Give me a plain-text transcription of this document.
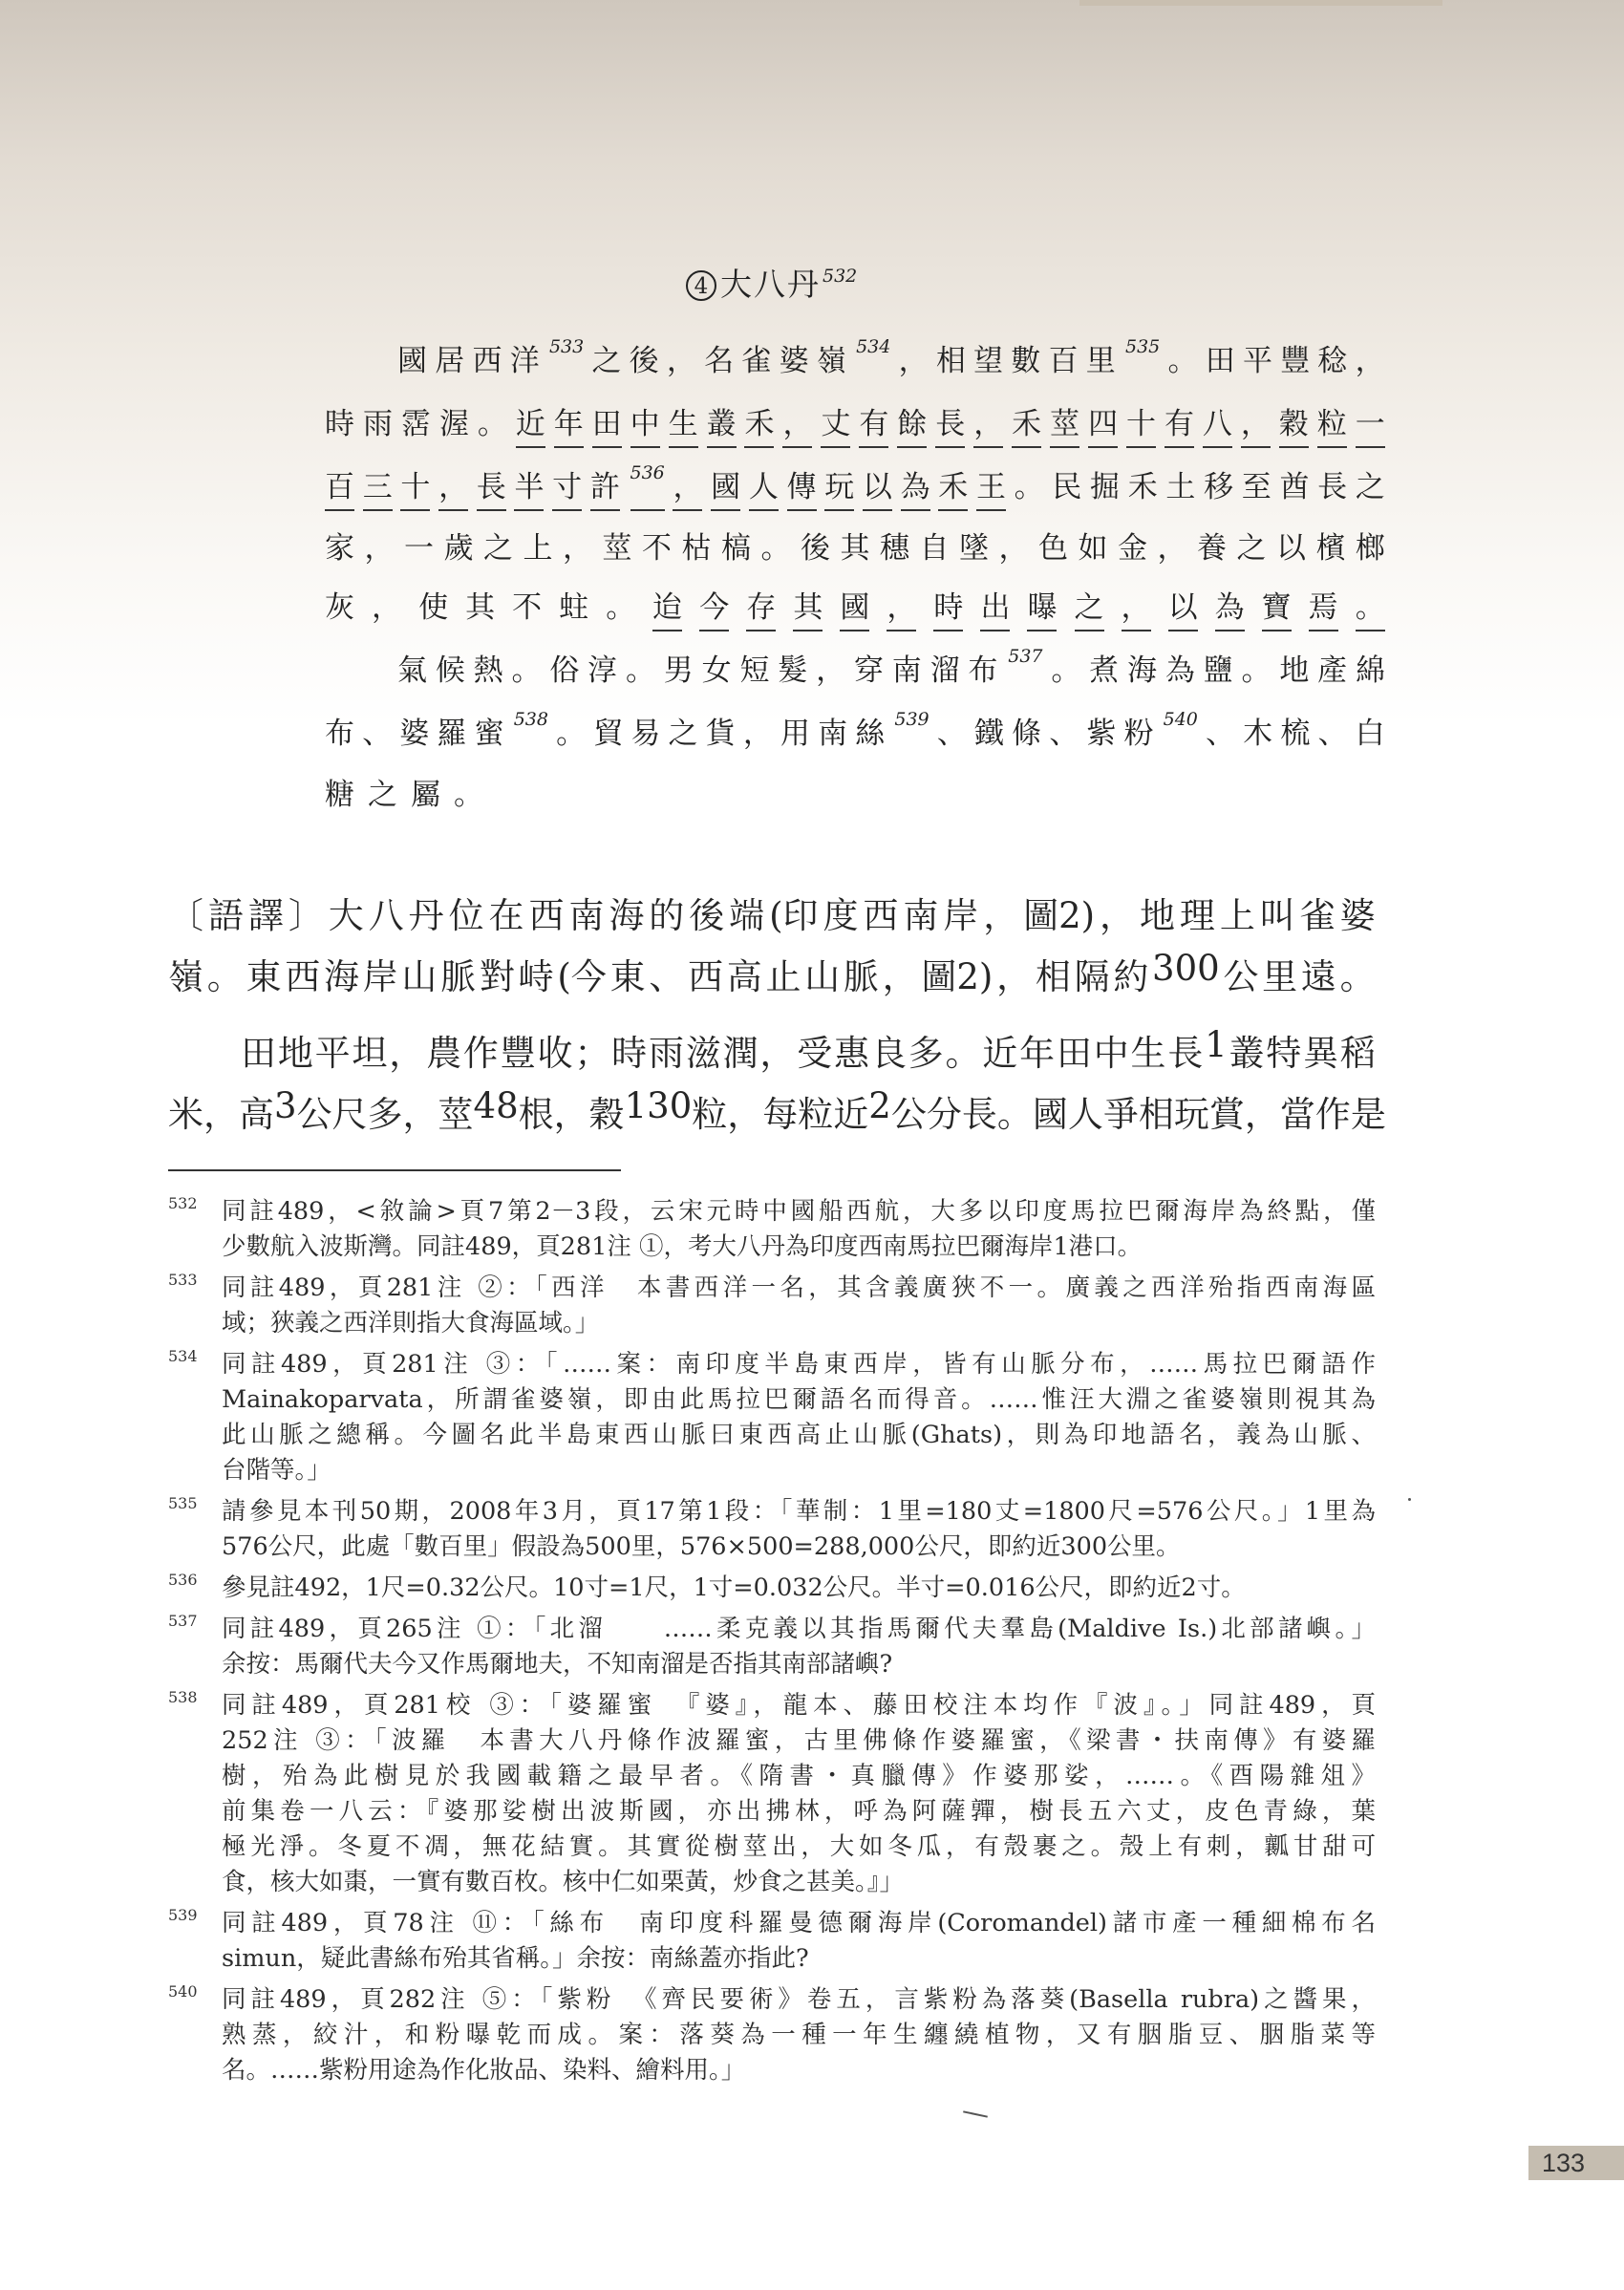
4 大八丹 $^{532}$
國 居 西 洋 533 之 後 ， 名 雀 婆 嶺 534 ， 相 望 數 百 里 535 。 田 平 豐 稔 ，
時 雨 霑 渥 。 近 年 田 中 生 叢 禾 ， 丈 有 餘 長 ， 禾 莖 四 十 有 八 ， 穀 粒 一
百 三 十 ， 長 半 寸 許 536 ， 國 人 傳 玩 以 為 禾 王 。 民 掘 禾 土 移 至 酋 長 之
家 ， 一 歲 之 上 ， 莖 不 枯 槁 。 後 其 穗 自 墜 ， 色 如 金 ， 養 之 以 檳 榔
灰 ， 使 其 不 蛀 。 迨 今 存 其 國 ， 時 出 曝 之 ， 以 為 寶 焉 。
氣 候 熱 。 俗 淳 。 男 女 短 髮 ， 穿 南 溜 布 537 。 煮 海 為 鹽 。 地 產 綿
布 、 婆 羅 蜜 538 。 貿 易 之 貨 ， 用 南 絲 539 、 鐵 條 、 紫 粉 540 、 木 梳 、 白
糖 之 屬 。
〔 語 譯 〕 大 八 丹 位 在 西 南 海 的 後 端 (印 度 西 南 岸 ， 圖2) ， 地 理 上 叫 雀 婆
嶺 。 東 西 海 岸 山 脈 對 峙 (今 東 、 西 高 止 山 脈 ， 圖2) ， 相 隔 約 300 公 里 遠 。
田 地 平 坦 ， 農 作 豐 收 ； 時 雨 滋 潤 ， 受 惠 良 多 。 近 年 田 中 生 長 1 叢 特 異 稻
米 ， 高 3 公 尺 多 ， 莖 48 根 ， 穀 130 粒 ， 每 粒 近 2 公 分 長 。 國 人 爭 相 玩 賞 ， 當 作 是
532 同註489，<敘論>頁7第2－3段，云宋元時中國船西航，大多以印度馬拉巴爾海岸為終點，僅
少數航入波斯灣。同註489，頁281注 ①，考大八丹為印度西南馬拉巴爾海岸1港口。
533 同註489，頁281注 ②：「西洋　本書西洋一名，其含義廣狹不一。廣義之西洋殆指西南海區
域；狹義之西洋則指大食海區域。」
534 同註489，頁281注 ③：「……案：南印度半島東西岸，皆有山脈分布，……馬拉巴爾語作
Mainakoparvata，所謂雀婆嶺，即由此馬拉巴爾語名而得音。……惟汪大淵之雀婆嶺則視其為
此山脈之總稱。今圖名此半島東西山脈曰東西高止山脈(Ghats)，則為印地語名，義為山脈、
台階等。」
535 請參見本刊50期，2008年3月，頁17第1段：「華制：1里=180丈=1800尺=576公尺。」1里為
576公尺，此處「數百里」假設為500里，576×500=288,000公尺，即約近300公里。
536 參見註492，1尺=0.32公尺。10寸=1尺，1寸=0.032公尺。半寸=0.016公尺，即約近2寸。
537 同註489，頁265注 ①：「北溜　　……柔克義以其指馬爾代夫羣島(Maldive Is.)北部諸嶼。」
余按：馬爾代夫今又作馬爾地夫，不知南溜是否指其南部諸嶼?
538 同註489，頁281校 ③：「婆羅蜜　『婆』，龍本、藤田校注本均作『波』。」同註489，頁
252注 ③：「波羅　本書大八丹條作波羅蜜，古里佛條作婆羅蜜，《梁書・扶南傳》有婆羅
樹，殆為此樹見於我國載籍之最早者。《隋書・真臘傳》作婆那娑，……。《酉陽雜俎》
前集卷一八云：『婆那娑樹出波斯國，亦出拂林，呼為阿薩嚲，樹長五六丈，皮色青綠，葉
極光淨。冬夏不凋，無花結實。其實從樹莖出，大如冬瓜，有殼裹之。殼上有刺，瓤甘甜可
食，核大如棗，一實有數百枚。核中仁如栗黃，炒食之甚美。』」
539 同註489，頁78注 ⑪：「絲布　南印度科羅曼德爾海岸(Coromandel)諸市產一種細棉布名
simun，疑此書絲布殆其省稱。」余按：南絲蓋亦指此?
540 同註489，頁282注 ⑤：「紫粉　《齊民要術》卷五，言紫粉為落葵(Basella rubra)之醬果，
熟蒸，絞汁，和粉曝乾而成。案：落葵為一種一年生纏繞植物，又有胭脂豆、胭脂菜等
名。……紫粉用途為作化妝品、染料、繪料用。」
133
